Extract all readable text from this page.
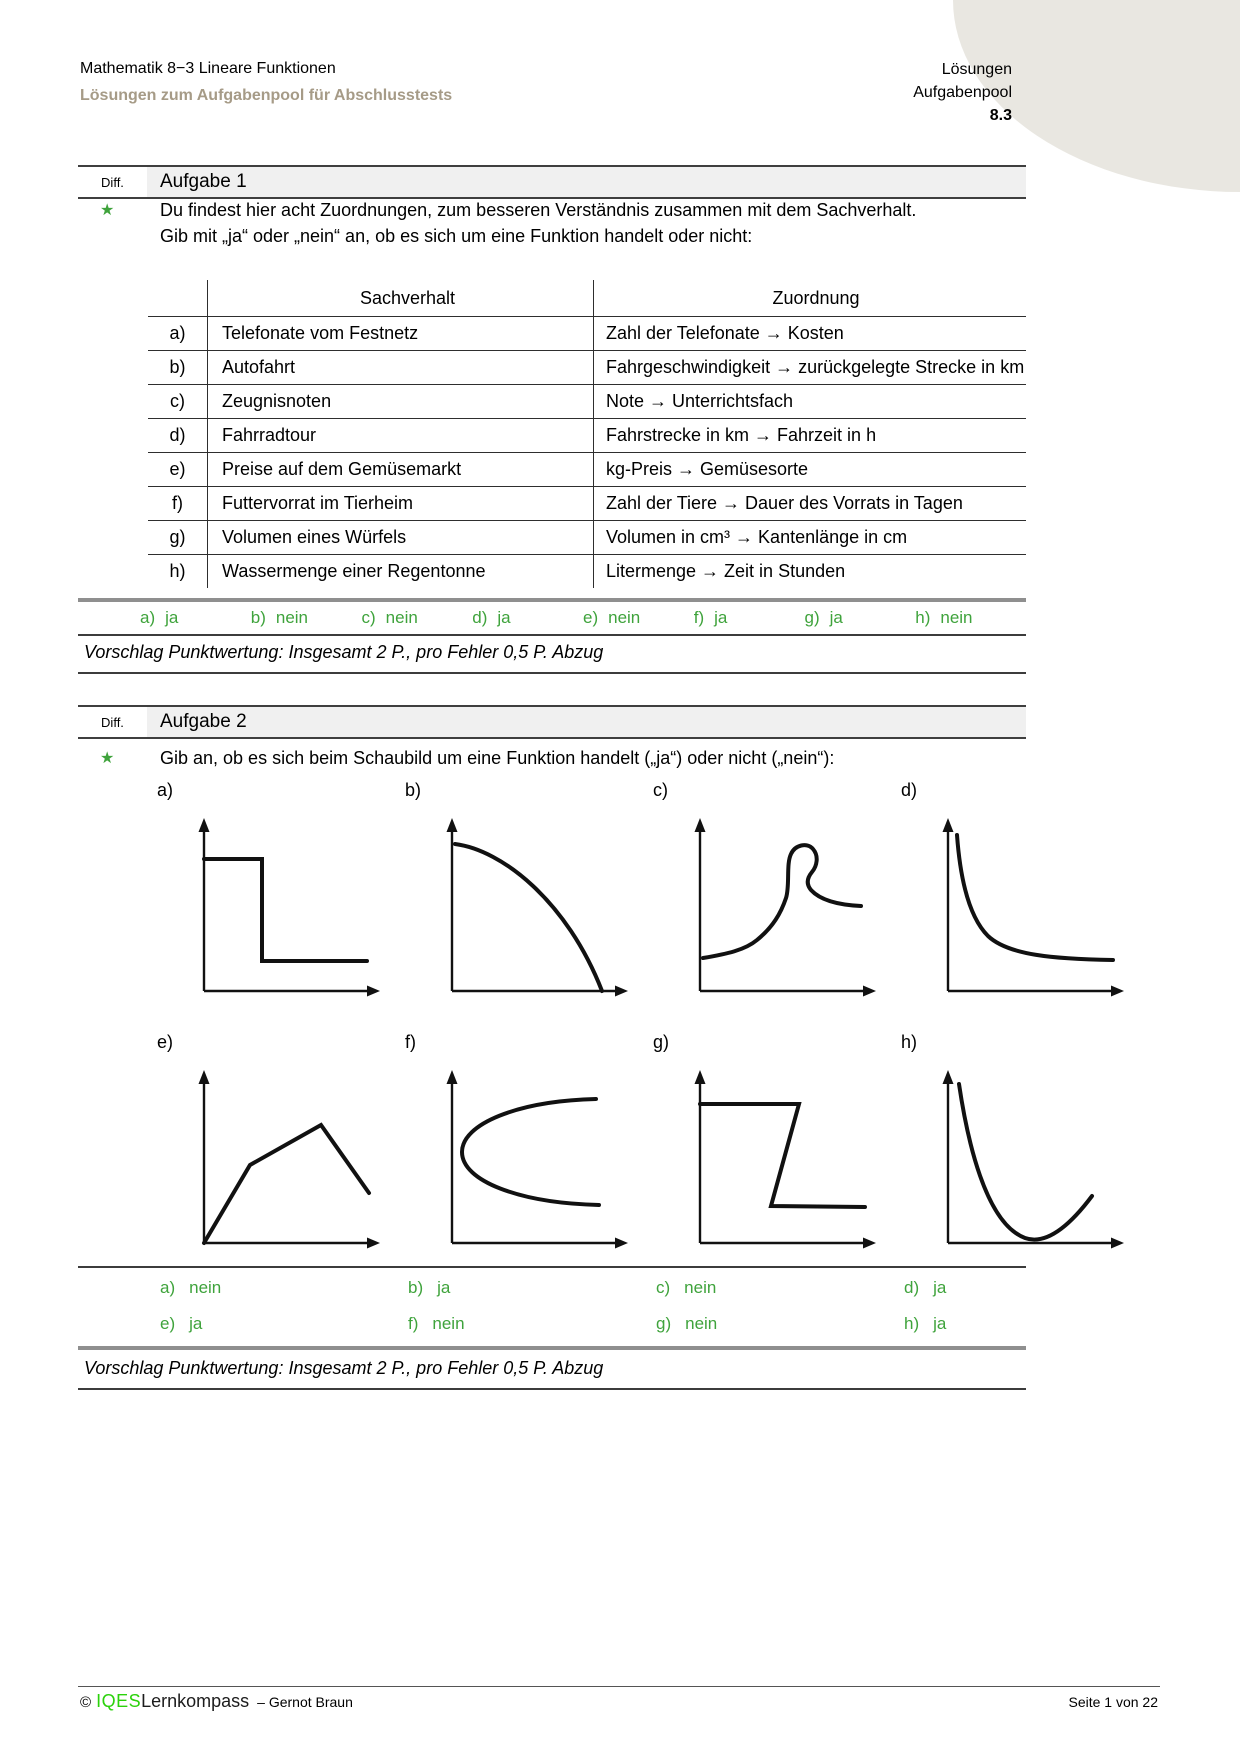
Lösungen
Aufgabenpool
8.3
Mathematik 8−3 Lineare Funktionen
Lösungen zum Aufgabenpool für Abschlusstests
Diff.	Aufgabe 1
★	Du findest hier acht Zuordnungen, zum besseren Verständnis zusammen mit dem Sachverhalt.
Gib mit „ja“ oder „nein“ an, ob es sich um eine Funktion handelt oder nicht:
	Sachverhalt	Zuordnung
a)	Telefonate vom Festnetz	Zahl der Telefonate → Kosten
b)	Autofahrt	Fahrgeschwindigkeit → zurückgelegte Strecke in km
c)	Zeugnisnoten	Note → Unterrichtsfach
d)	Fahrradtour	Fahrstrecke in km → Fahrzeit in h
e)	Preise auf dem Gemüsemarkt	kg-Preis → Gemüsesorte
f)	Futtervorrat im Tierheim	Zahl der Tiere → Dauer des Vorrats in Tagen
g)	Volumen eines Würfels	Volumen in cm³ → Kantenlänge in cm
h)	Wassermenge einer Regentonne	Litermenge → Zeit in Stunden
a) ja	b) nein	c) nein	d) ja	e) nein	f) ja	g) ja	h) nein
Vorschlag Punktwertung: Insgesamt 2 P., pro Fehler 0,5 P. Abzug
Diff.	Aufgabe 2
★	Gib an, ob es sich beim Schaubild um eine Funktion handelt („ja“) oder nicht („nein“):
a)	b)	c)	d)
e)	f)	g)	h)
a) nein	b) ja	c) nein	d) ja
e) ja	f) nein	g) nein	h) ja
Vorschlag Punktwertung: Insgesamt 2 P., pro Fehler 0,5 P. Abzug
© IQES Lernkompass – Gernot Braun	Seite 1 von 22
